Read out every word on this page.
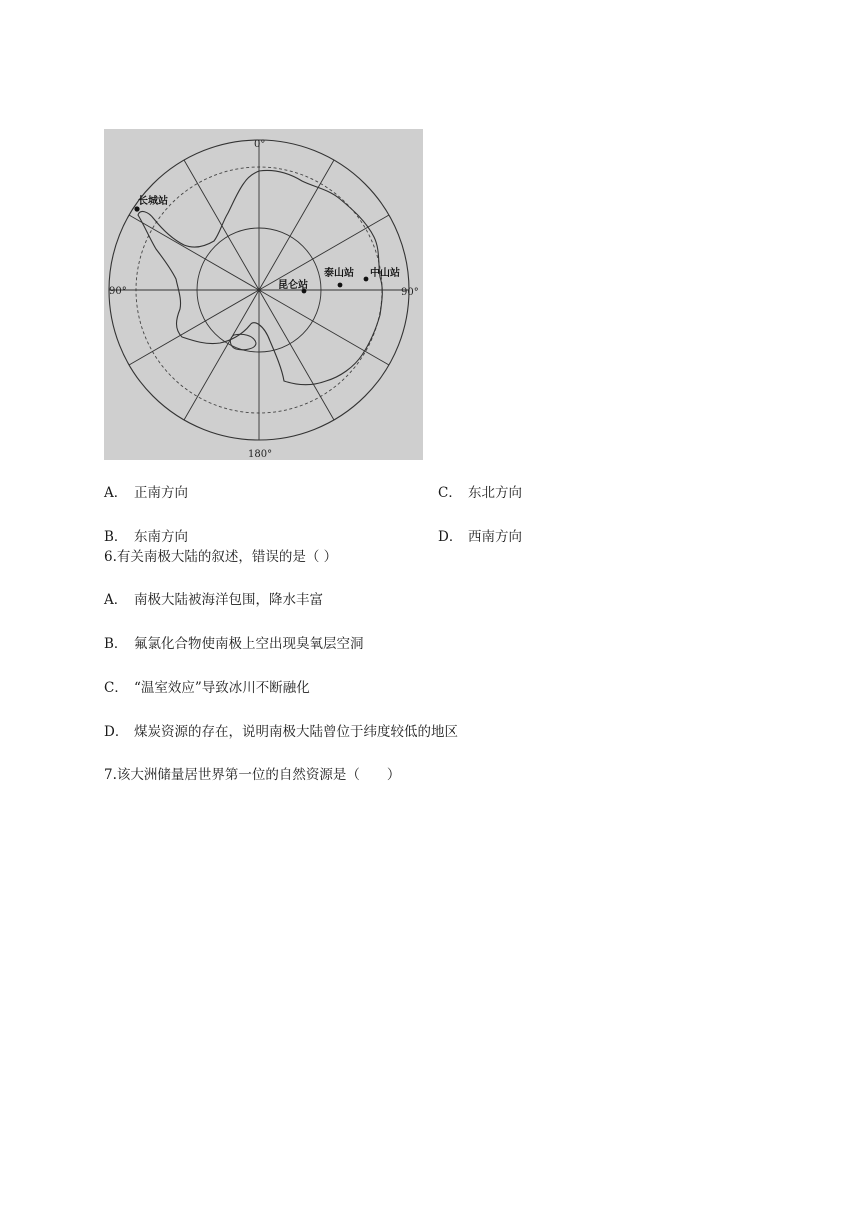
0°
180°
90°	90°
长城站
昆仑站
泰山站 中山站
A． 正南方向	C． 东北方向
B． 东南方向	D． 西南方向
6.有关南极大陆的叙述，错误的是（ ）
A． 南极大陆被海洋包围，降水丰富
B． 氟氯化合物使南极上空出现臭氧层空洞
C． “温室效应”导致冰川不断融化
D． 煤炭资源的存在，说明南极大陆曾位于纬度较低的地区
7.该大洲储量居世界第一位的自然资源是（　　）
